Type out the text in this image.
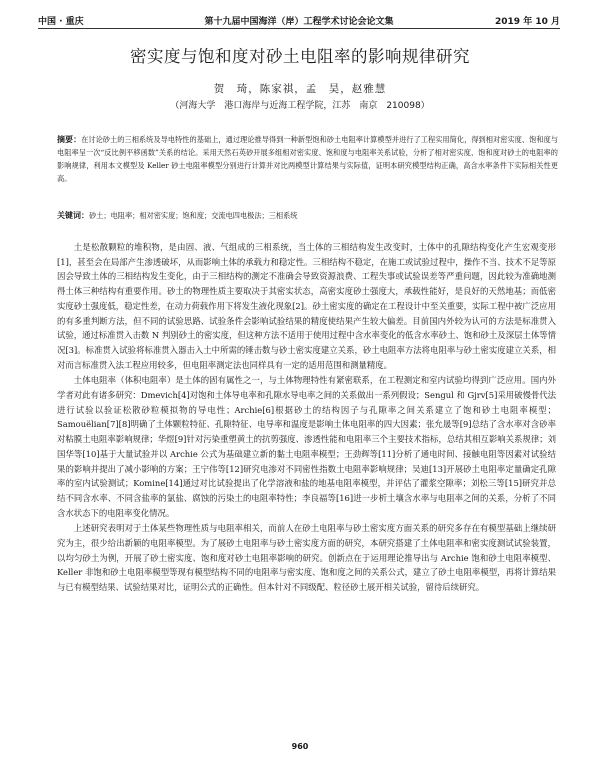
中国 · 重庆	第十九届中国海洋（岸）工程学术讨论会论文集	2019 年 10 月
密实度与饱和度对砂土电阻率的影响规律研究
贺　琦，陈家祺，孟　昊，赵雅慧
（河海大学　港口海岸与近海工程学院，江苏　南京　210098）
摘要：在讨论砂土的三相系统及导电特性的基础上，通过理论推导得到一种新型饱和砂土电阻率计算模型并进行了工程实用简化，得到相对密实度、饱和度与电阻率呈一次“反比例平移函数”关系的结论。采用天然石英砂开展多组相对密实度、饱和度与电阻率关系试验，分析了相对密实度、饱和度对砂土的电阻率的影响规律，利用本文模型及 Keller 砂土电阻率模型分别进行计算并对比两模型计算结果与实际值，证明本研究模型结构正确，高含水率条件下实际相关性更高。
关键词：砂土；电阻率；相对密实度；饱和度；交流电四电极法；三相系统

土是松散颗粒的堆积物，是由固、液、气组成的三相系统，当土体的三相结构发生改变时，土体中的孔隙结构变化产生宏观变形[1]，甚至会在局部产生渗透破坏，从而影响土体的承载力和稳定性。三相结构不稳定，在施工或试验过程中，操作不当、技术不足等原因会导致土体的三相结构发生变化，由于三相结构的测定不准确会导致资源浪费、工程失事或试验误差等严重问题，因此较为准确地测得土体三种结构有重要作用。砂土的物理性质主要取决于其密实状态，高密实度砂土强度大，承载性能好，是良好的天然地基；而低密实度砂土强度低，稳定性差，在动力荷载作用下将发生液化现象[2]。砂土密实度的确定在工程设计中至关重要，实际工程中被广泛应用的有多重判断方法，但不同的试验思路、试验条件会影响试验结果的精度使结果产生较大偏差。目前国内外较为认可的方法是标准贯入试验，通过标准贯入击数 N 判别砂土的密实度，但这种方法不适用于使用过程中含水率变化的低含水率砂土、饱和砂土及深层土体等情况[3]。标准贯入试验将标准贯入器击入土中所需的锤击数与砂土密实度建立关系，砂土电阻率方法将电阻率与砂土密实度建立关系，相对而言标准贯入法工程应用较多，但电阻率测定法也同样具有一定的适用范围和测量精度。

土体电阻率（体积电阻率）是土体的固有属性之一，与土体物理特性有紧密联系，在工程测定和室内试验均得到广泛应用。国内外学者对此有诸多研究：Dmevich[4]对饱和土体导电率和孔隙水导电率之间的关系做出一系列假设；Sengul 和 Gjrv[5]采用破慢骨代法进行试验以验证松散砂粒模拟物的导电性；Archie[6]根据砂土的结构因子与孔隙率之间关系建立了饱和砂土电阻率模型；Samouëlian[7][8]明确了土体颗粒特征、孔隙特征、电导率和温度是影响土体电阻率的四大因素；张允晟等[9]总结了含水率对含砂率对粘膜土电阻率影响规律；华煜[9]针对污染重塑黄土的抗剪强度、渗透性能和电阻率三个主要技术指标，总结其相互影响关系规律；刘国华等[10]基于大量试验并以 Archie 公式为基础建立新的黏土电阻率模型；王劲辉等[11]分析了通电时间、接触电阻等因素对试验结果的影响并提出了减小影响的方案；王宁伟等[12]研究电渗对不同密性指数土电阻率影响规律；吴迪[13]开展砂土电阻率定量确定孔隙率的室内试验测试；Komine[14]通过对比试验提出了化学溶液和盐的地基电阻率模型，并评估了灌浆空隙率；刘松三等[15]研究并总结不同含水率、不同含盐率的氯盐、腐蚀的污染土的电阻率特性；李良福等[16]进一步析土壤含水率与电阻率之间的关系，分析了不同含水状态下的电阻率变化情况。

上述研究表明对于土体某些物理性质与电阻率相关，而前人在砂土电阻率与砂土密实度方面关系的研究多存在有模型基础上继续研究为主，很少给出新颖的电阻率模型。为了展砂土电阻率与砂土密实度方面的研究，本研究搭建了土体电阻率和密实度测试试验装置，以均匀砂土为例，开展了砂土密实度、饱和度对砂土电阻率影响的研究。创新点在于运用理论推导出与 Archie 饱和砂土电阻率模型、Keller 非饱和砂土电阻率模型等现有模型结构不同的电阻率与密实度、饱和度之间的关系公式，建立了砂土电阻率模型，再将计算结果与已有模型结果、试验结果对比，证明公式的正确性。但本针对不同级配、粒径砂土展开相关试验，留待后续研究。

960
